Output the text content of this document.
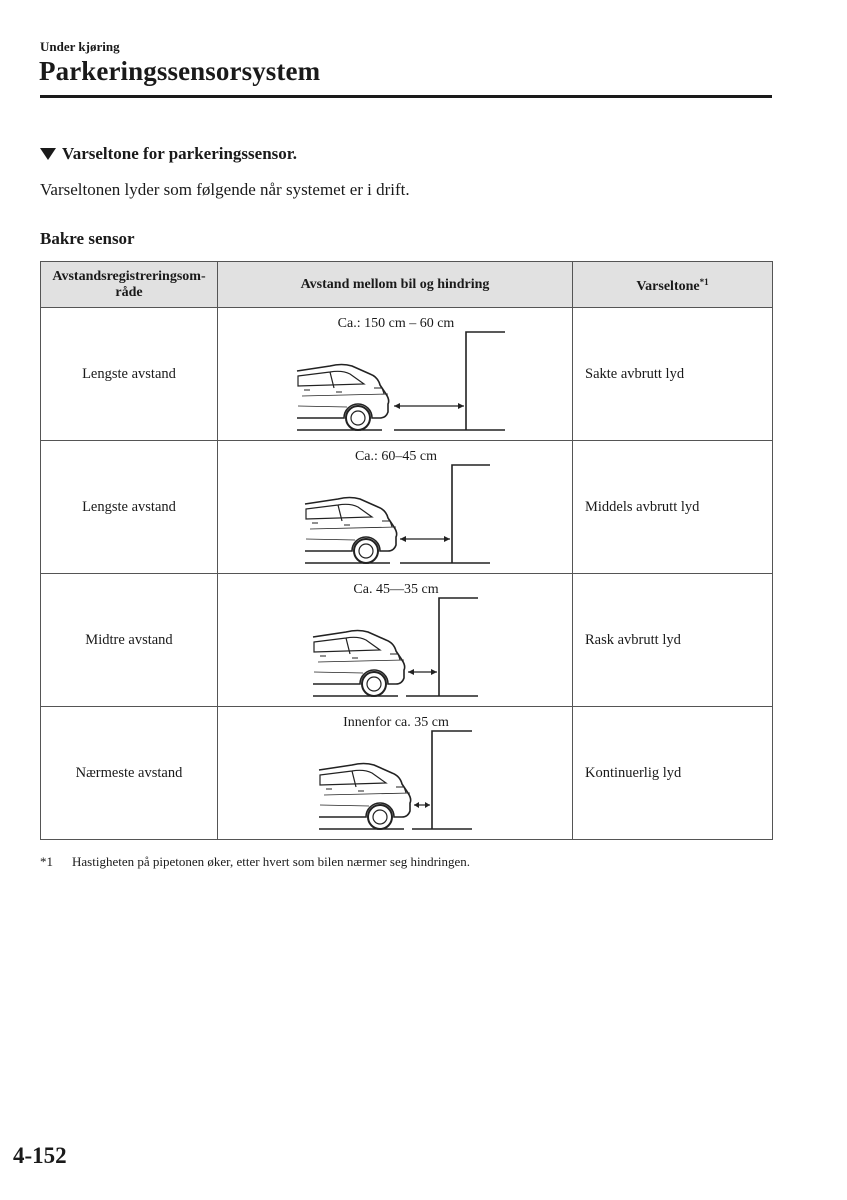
Under kjøring
Parkeringssensorsystem
Varseltone for parkeringssensor.
Varseltonen lyder som følgende når systemet er i drift.
Bakre sensor
Avstandsregistreringsom-
råde	Avstand mellom bil og hindring	Varseltone$^{*1}$
Lengste avstand	Ca.: 150 cm – 60 cm	Sakte avbrutt lyd
Lengste avstand	Ca.: 60–45 cm	Middels avbrutt lyd
Midtre avstand	Ca. 45—35 cm	Rask avbrutt lyd
Nærmeste avstand	Innenfor ca. 35 cm	Kontinuerlig lyd
*1	Hastigheten på pipetonen øker, etter hvert som bilen nærmer seg hindringen.
4-152
